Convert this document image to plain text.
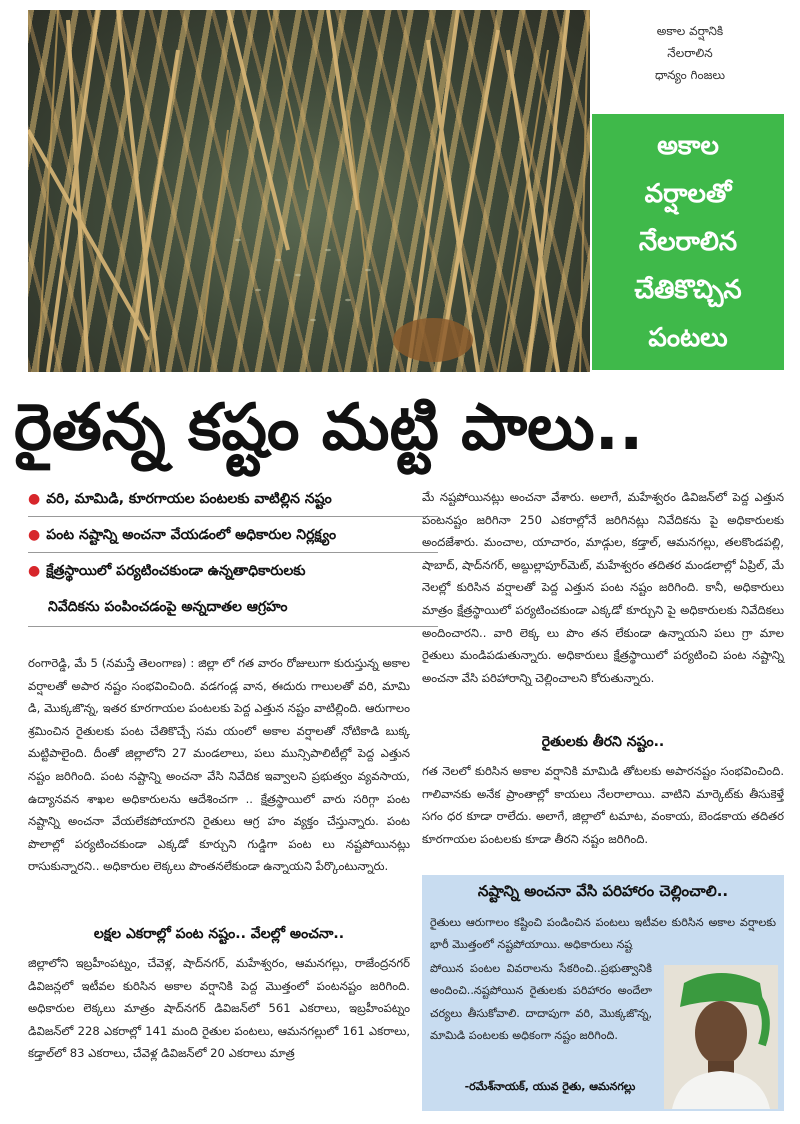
అకాల వర్షానికి
నేలరాలిన
ధాన్యం గింజలు
అకాల
వర్షాలతో
నేలరాలిన
చేతికొచ్చిన
పంటలు
రైతన్న కష్టం మట్టి పాలు..
● వరి, మామిడి, కూరగాయల పంటలకు వాటిల్లిన నష్టం
● పంట నష్టాన్ని అంచనా వేయడంలో అధికారుల నిర్లక్ష్యం
● క్షేత్రస్థాయిలో పర్యటించకుండా ఉన్నతాధికారులకు
నివేదికను పంపించడంపై అన్నదాతల ఆగ్రహం
రంగారెడ్డి, మే 5 (నమస్తే తెలంగాణ) : జిల్లా లో గత వారం రోజులుగా కురుస్తున్న అకాల వర్షాలతో అపార నష్టం సంభవించింది. వడగండ్ల వాన, ఈదురు గాలులతో వరి, మామి డి, మొక్కజొన్న, ఇతర కూరగాయల పంటలకు పెద్ద ఎత్తున నష్టం వాటిల్లింది. ఆరుగాలం శ్రమించిన రైతులకు పంట చేతికొచ్చే సమ యంలో అకాల వర్షాలతో నోటికాడి బుక్క మట్టిపాలైంది. దీంతో జిల్లాలోని 27 మండలాలు, పలు మున్సిపాలిటీల్లో పెద్ద ఎత్తున నష్టం జరిగింది. పంట నష్టాన్ని అంచనా వేసి నివేదిక ఇవ్వాలని ప్రభుత్వం వ్యవసాయ, ఉద్యానవన శాఖల అధికారులను ఆదేశించగా .. క్షేత్రస్థాయిలో వారు సరిగ్గా పంట నష్టాన్ని అంచనా వేయలేకపోయారని రైతులు ఆగ్ర హం వ్యక్తం చేస్తున్నారు. పంట పొలాల్లో పర్యటించకుండా ఎక్కడో కూర్చుని గుడ్డిగా పంట లు నష్టపోయినట్లు రాసుకున్నారని.. అధికారుల లెక్కలు పొంతనలేకుండా ఉన్నాయని పేర్కొంటున్నారు.
లక్షల ఎకరాల్లో పంట నష్టం.. వేలల్లో అంచనా..
జిల్లాలోని ఇబ్రహీంపట్నం, చేవెళ్ల, షాద్‌నగర్, మహేశ్వరం, ఆమనగల్లు, రాజేంద్రనగర్ డివిజన్లలో ఇటీవల కురిసిన అకాల వర్షానికి పెద్ద మొత్తంలో పంటనష్టం జరిగింది. అధికారుల లెక్కలు మాత్రం షాద్‌నగర్ డివిజన్‌లో 561 ఎకరాలు, ఇబ్రహీంపట్నం డివిజన్‌లో 228 ఎకరాల్లో 141 మంది రైతుల పంటలు, ఆమనగల్లులో 161 ఎకరాలు, కడ్తాల్‌లో 83 ఎకరాలు, చేవెళ్ల డివిజన్‌లో 20 ఎకరాలు మాత్ర
మే నష్టపోయినట్లు అంచనా వేశారు. అలాగే, మహేశ్వరం డివిజన్‌లో పెద్ద ఎత్తున పంటనష్టం జరిగినా 250 ఎకరాల్లోనే జరిగినట్లు నివేదికను పై అధికారులకు అందజేశారు. మంచాల, యాచారం, మాడ్గుల, కడ్తాల్, ఆమనగల్లు, తలకొండపల్లి, షాబాద్, షాద్‌నగర్, అబ్దుల్లాపూర్‌మెట్, మహేశ్వరం తదితర మండలాల్లో ఏప్రిల్, మే నెలల్లో కురిసిన వర్షాలతో పెద్ద ఎత్తున పంట నష్టం జరిగింది. కానీ, అధికారులు మాత్రం క్షేత్రస్థాయిలో పర్యటించకుండా ఎక్కడో కూర్చుని పై అధికారులకు నివేదికలు అందించారని.. వారి లెక్క లు పొం తన లేకుండా ఉన్నాయని పలు గ్రా మాల రైతులు మండిపడుతున్నారు. అధికారులు క్షేత్రస్థాయిలో పర్యటించి పంట నష్టాన్ని అంచనా వేసి పరిహారాన్ని చెల్లించాలని కోరుతున్నారు.
రైతులకు తీరని నష్టం..
గత నెలలో కురిసిన అకాల వర్షానికి మామిడి తోటలకు అపారనష్టం సంభవించింది. గాలివానకు అనేక ప్రాంతాల్లో కాయలు నేలరాలాయి. వాటిని మార్కెట్‌కు తీసుకెళ్తే సగం ధర కూడా రాలేదు. అలాగే, జిల్లాలో టమాట, వంకాయ, బెండకాయ తదితర కూరగాయల పంటలకు కూడా తీరని నష్టం జరిగింది.
నష్టాన్ని అంచనా వేసి పరిహారం చెల్లించాలి..
రైతులు ఆరుగాలం కష్టించి పండించిన పంటలు ఇటీవల కురిసిన అకాల వర్షాలకు భారీ మొత్తంలో నష్టపోయాయి. అధికారులు నష్ట
పోయిన పంటల వివరాలను సేకరించి..ప్రభుత్వానికి అందించి..నష్టపోయిన రైతులకు పరిహారం అందేలా చర్యలు తీసుకోవాలి. దాదాపుగా వరి, మొక్కజొన్న, మామిడి పంటలకు అధికంగా నష్టం జరిగింది.
-రమేశ్‌నాయక్, యువ రైతు, ఆమనగల్లు
